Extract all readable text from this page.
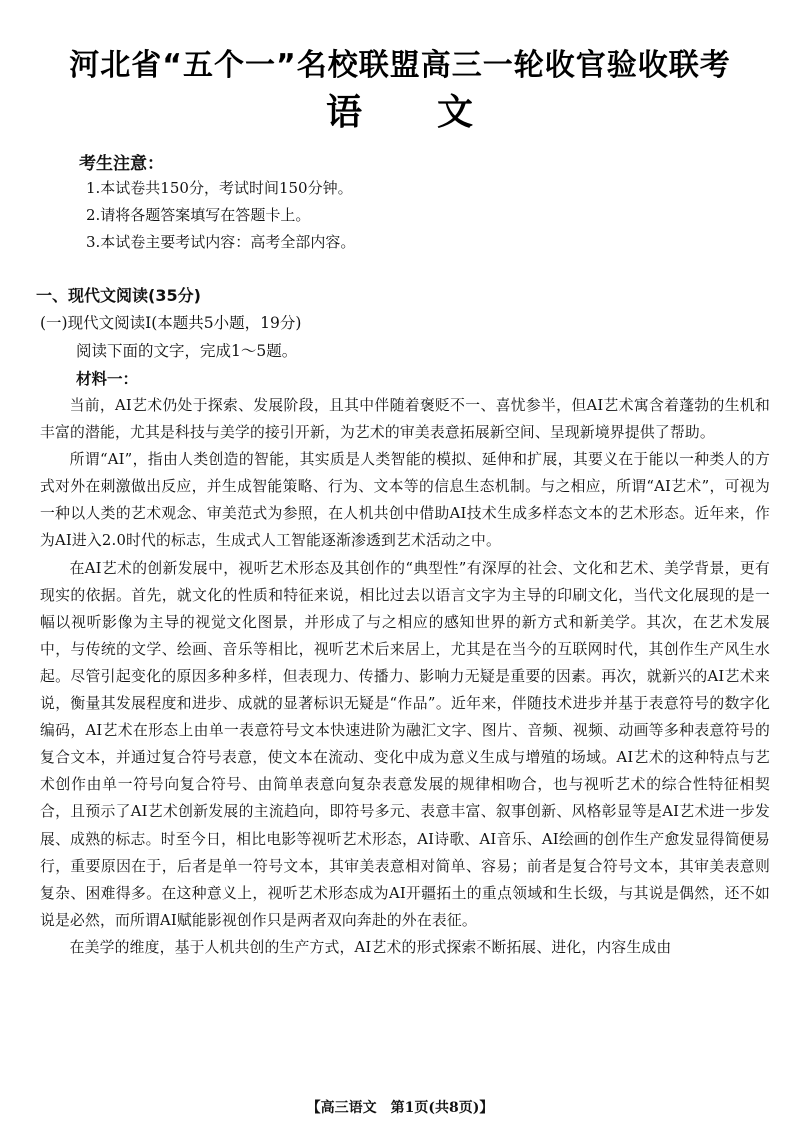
河北省“五个一”名校联盟高三一轮收官验收联考
语　　文
考生注意：
1.本试卷共150分，考试时间150分钟。
2.请将各题答案填写在答题卡上。
3.本试卷主要考试内容：高考全部内容。
一、现代文阅读(35分)
(一)现代文阅读Ⅰ(本题共5小题，19分)
阅读下面的文字，完成1～5题。
材料一：

当前，AI艺术仍处于探索、发展阶段，且其中伴随着褒贬不一、喜忧参半，但AI艺术寓含着蓬勃的生机和丰富的潜能，尤其是科技与美学的接引开新，为艺术的审美表意拓展新空间、呈现新境界提供了帮助。

所谓“AI”，指由人类创造的智能，其实质是人类智能的模拟、延伸和扩展，其要义在于能以一种类人的方式对外在刺激做出反应，并生成智能策略、行为、文本等的信息生态机制。与之相应，所谓“AI艺术”，可视为一种以人类的艺术观念、审美范式为参照，在人机共创中借助AI技术生成多样态文本的艺术形态。近年来，作为AI进入2.0时代的标志，生成式人工智能逐渐渗透到艺术活动之中。

在AI艺术的创新发展中，视听艺术形态及其创作的“典型性”有深厚的社会、文化和艺术、美学背景，更有现实的依据。首先，就文化的性质和特征来说，相比过去以语言文字为主导的印刷文化，当代文化展现的是一幅以视听影像为主导的视觉文化图景，并形成了与之相应的感知世界的新方式和新美学。其次，在艺术发展中，与传统的文学、绘画、音乐等相比，视听艺术后来居上，尤其是在当今的互联网时代，其创作生产风生水起。尽管引起变化的原因多种多样，但表现力、传播力、影响力无疑是重要的因素。再次，就新兴的AI艺术来说，衡量其发展程度和进步、成就的显著标识无疑是“作品”。近年来，伴随技术进步并基于表意符号的数字化编码，AI艺术在形态上由单一表意符号文本快速进阶为融汇文字、图片、音频、视频、动画等多种表意符号的复合文本，并通过复合符号表意，使文本在流动、变化中成为意义生成与增殖的场域。AI艺术的这种特点与艺术创作由单一符号向复合符号、由简单表意向复杂表意发展的规律相吻合，也与视听艺术的综合性特征相契合，且预示了AI艺术创新发展的主流趋向，即符号多元、表意丰富、叙事创新、风格彰显等是AI艺术进一步发展、成熟的标志。时至今日，相比电影等视听艺术形态，AI诗歌、AI音乐、AI绘画的创作生产愈发显得简便易行，重要原因在于，后者是单一符号文本，其审美表意相对简单、容易；前者是复合符号文本，其审美表意则复杂、困难得多。在这种意义上，视听艺术形态成为AI开疆拓土的重点领域和生长级，与其说是偶然，还不如说是必然，而所谓AI赋能影视创作只是两者双向奔赴的外在表征。

在美学的维度，基于人机共创的生产方式，AI艺术的形式探索不断拓展、进化，内容生成由

【高三语文　第1页(共8页)】
